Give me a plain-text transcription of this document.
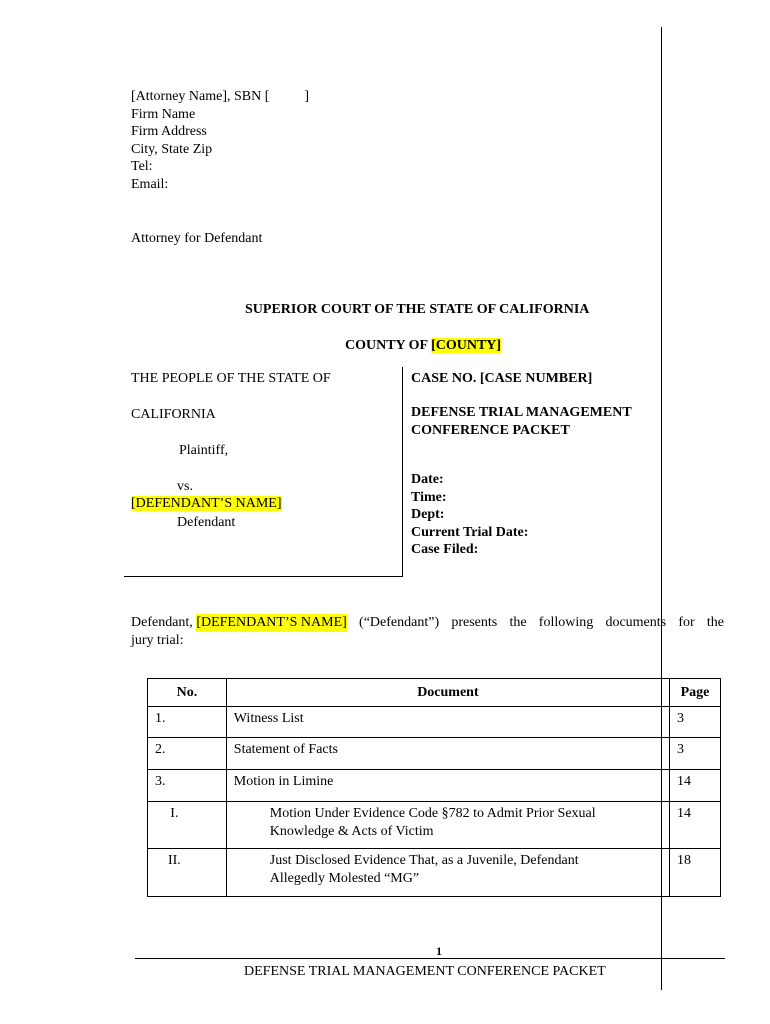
[Attorney Name], SBN [          ]
Firm Name
Firm Address
City, State Zip
Tel:
Email:
Attorney for Defendant
SUPERIOR COURT OF THE STATE OF CALIFORNIA
COUNTY OF [COUNTY]
THE PEOPLE OF THE STATE OF
CALIFORNIA
Plaintiff,
vs.
[DEFENDANT’S NAME]
Defendant
CASE NO. [CASE NUMBER]
DEFENSE TRIAL MANAGEMENT
CONFERENCE PACKET
Date:
Time:
Dept:
Current Trial Date:
Case Filed:
Defendant, [DEFENDANT’S NAME] (“Defendant”) presents the following documents for the
jury trial:
No.	Document	Page
1.	Witness List	3
2.	Statement of Facts	3
3.	Motion in Limine	14
I.	Motion Under Evidence Code §782 to Admit Prior Sexual
Knowledge & Acts of Victim	14
II.	Just Disclosed Evidence That, as a Juvenile, Defendant
Allegedly Molested “MG”	18
1
DEFENSE TRIAL MANAGEMENT CONFERENCE PACKET
